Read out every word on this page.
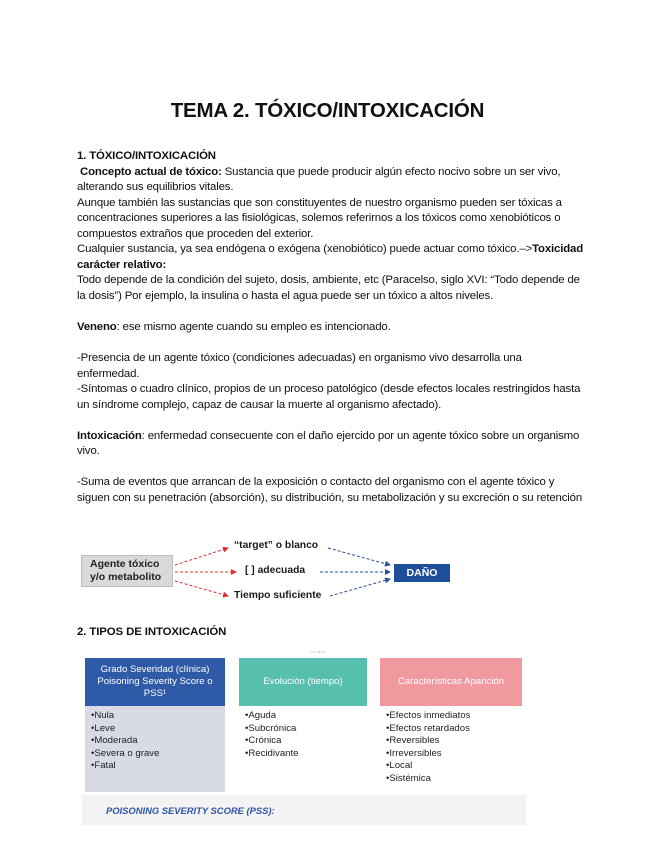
TEMA 2. TÓXICO/INTOXICACIÓN

1. TÓXICO/INTOXICACIÓN

Concepto actual de tóxico: Sustancia que puede producir algún efecto nocivo sobre un ser vivo, alterando sus equilibrios vitales.

Aunque también las sustancias que son constituyentes de nuestro organismo pueden ser tóxicas a concentraciones superiores a las fisiológicas, solemos referirnos a los tóxicos como xenobióticos o compuestos extraños que proceden del exterior.

Cualquier sustancia, ya sea endógena o exógena (xenobiótico) puede actuar como tóxico.–>Toxicidad carácter relativo:

Todo depende de la condición del sujeto, dosis, ambiente, etc (Paracelso, siglo XVI: “Todo depende de la dosis”) Por ejemplo, la insulina o hasta el agua puede ser un tóxico a altos niveles.

Veneno: ese mismo agente cuando su empleo es intencionado.

-Presencia de un agente tóxico (condiciones adecuadas) en organismo vivo desarrolla una enfermedad.

-Síntomas o cuadro clínico, propios de un proceso patológico (desde efectos locales restringidos hasta un síndrome complejo, capaz de causar la muerte al organismo afectado).

Intoxicación: enfermedad consecuente con el daño ejercido por un agente tóxico sobre un organismo vivo.

-Suma de eventos que arrancan de la exposición o contacto del organismo con el agente tóxico y siguen con su penetración (absorción), su distribución, su metabolización y su excreción o su retención

Agente tóxico
y/o metabolito
“target” o blanco
[ ] adecuada
Tiempo suficiente
DAÑO
2. TIPOS DE INTOXICACIÓN
• • • ••• ••
Grado Severidad (clínica) Poisoning Severity Score o PSS¹
•Nula
•Leve
•Moderada
•Severa o grave
•Fatal
Evolución (tiempo)
•Aguda
•Subcrónica
•Crónica
•Recidivante
Características Aparición
•Efectos inmediatos
•Efectos retardados
•Reversibles
•Irreversibles
•Local
•Sistémica
POISONING SEVERITY SCORE (PSS):
